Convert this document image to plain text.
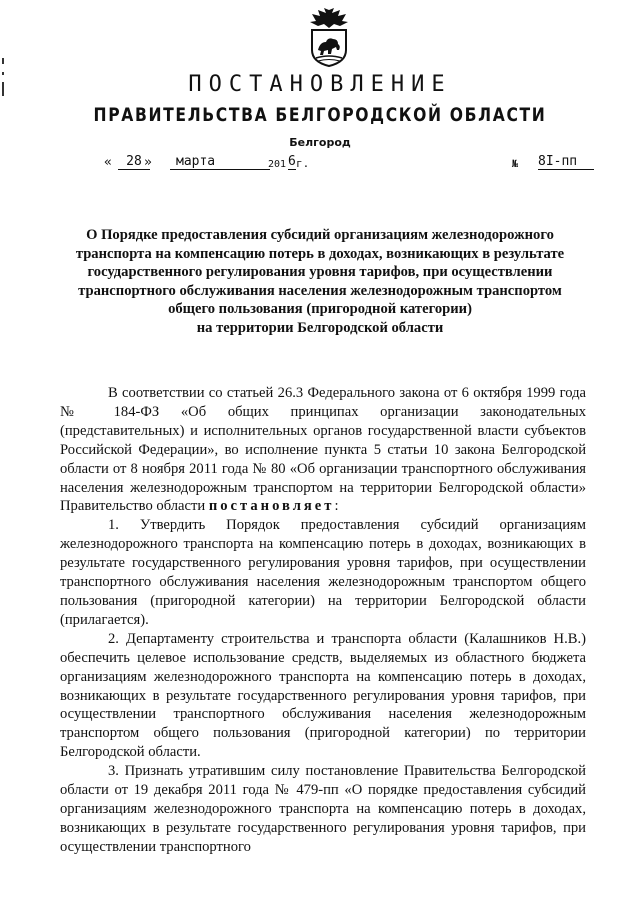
ПОСТАНОВЛЕНИЕ
ПРАВИТЕЛЬСТВА БЕЛГОРОДСКОЙ ОБЛАСТИ
Белгород
«	28 »	марта	201 6 г.	№ 8I-пп
О Порядке предоставления субсидий организациям железнодорожного
транспорта на компенсацию потерь в доходах, возникающих в результате
государственного регулирования уровня тарифов, при осуществлении
транспортного обслуживания населения железнодорожным транспортом
общего пользования (пригородной категории)
на территории Белгородской области

В соответствии со статьей 26.3 Федерального закона от 6 октября 1999 года № 184-ФЗ «Об общих принципах организации законодательных (представительных) и исполнительных органов государственной власти субъектов Российской Федерации», во исполнение пункта 5 статьи 10 закона Белгородской области от 8 ноября 2011 года № 80 «Об организации транспортного обслуживания населения железнодорожным транспортом на территории Белгородской области» Правительство области постановляет:

1. Утвердить Порядок предоставления субсидий организациям железнодорожного транспорта на компенсацию потерь в доходах, возникающих в результате государственного регулирования уровня тарифов, при осуществлении транспортного обслуживания населения железнодорожным транспортом общего пользования (пригородной категории) на территории Белгородской области (прилагается).

2. Департаменту строительства и транспорта области (Калашников Н.В.) обеспечить целевое использование средств, выделяемых из областного бюджета организациям железнодорожного транспорта на компенсацию потерь в доходах, возникающих в результате государственного регулирования уровня тарифов, при осуществлении транспортного обслуживания населения железнодорожным транспортом общего пользования (пригородной категории) по территории Белгородской области.

3. Признать утратившим силу постановление Правительства Белгородской области от 19 декабря 2011 года № 479-пп «О порядке предоставления субсидий организациям железнодорожного транспорта на компенсацию потерь в доходах, возникающих в результате государственного регулирования уровня тарифов, при осуществлении транспортного
